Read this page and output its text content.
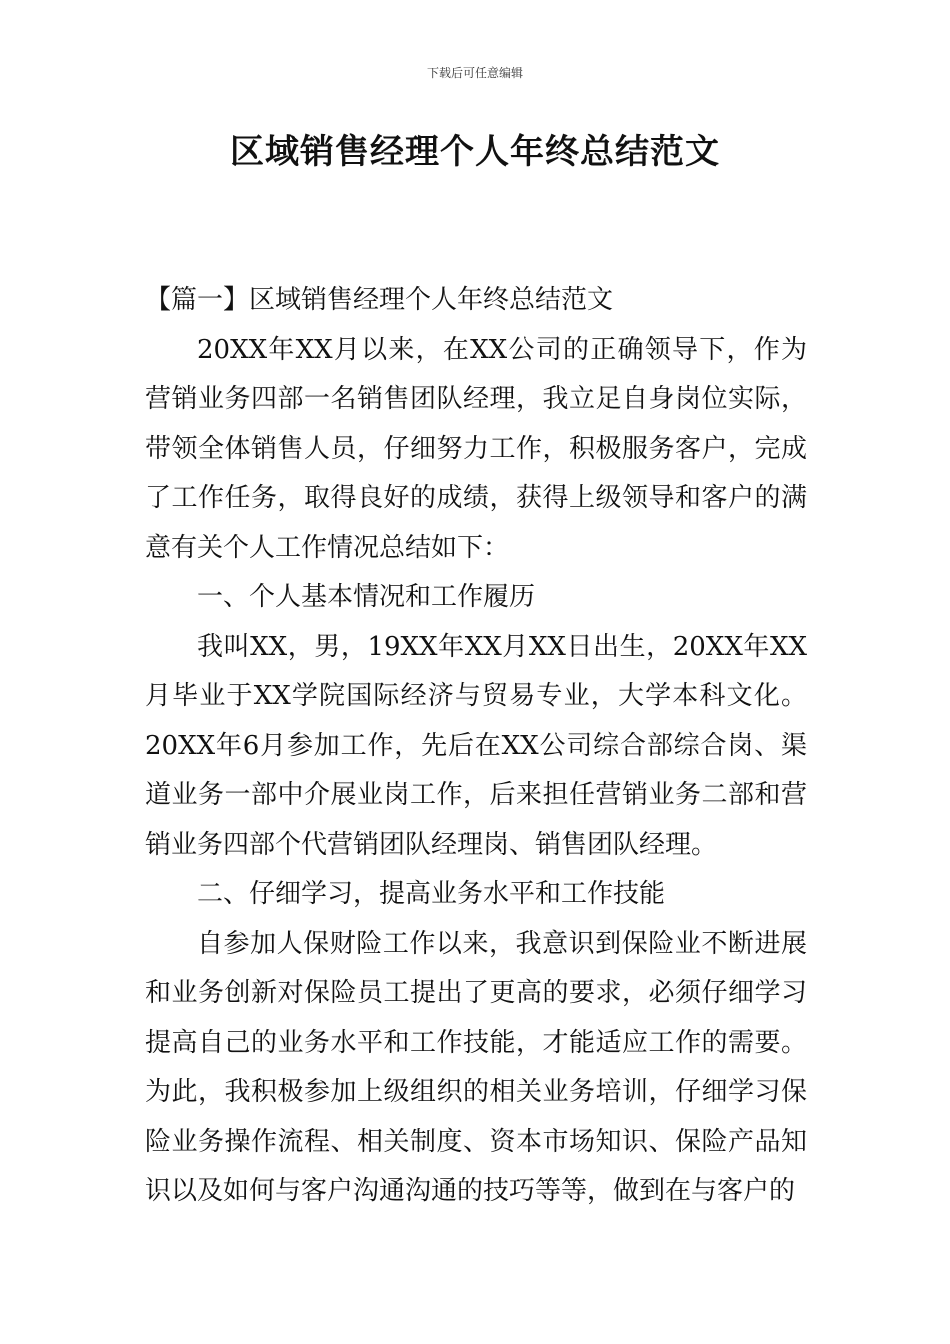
下载后可任意编辑
区域销售经理个人年终总结范文

【篇一】区域销售经理个人年终总结范文

20XX年XX月以来，在XX公司的正确领导下，作为营销业务四部一名销售团队经理，我立足自身岗位实际，带领全体销售人员，仔细努力工作，积极服务客户，完成了工作任务，取得良好的成绩，获得上级领导和客户的满意有关个人工作情况总结如下：

一、个人基本情况和工作履历

我叫XX，男，19XX年XX月XX日出生，20XX年XX月毕业于XX学院国际经济与贸易专业，大学本科文化。20XX年6月参加工作，先后在XX公司综合部综合岗、渠道业务一部中介展业岗工作，后来担任营销业务二部和营销业务四部个代营销团队经理岗、销售团队经理。

二、仔细学习，提高业务水平和工作技能

自参加人保财险工作以来，我意识到保险业不断进展和业务创新对保险员工提出了更高的要求，必须仔细学习提高自己的业务水平和工作技能，才能适应工作的需要。为此，我积极参加上级组织的相关业务培训，仔细学习保险业务操作流程、相关制度、资本市场知识、保险产品知识以及如何与客户沟通沟通的技巧等等，做到在与客户的
